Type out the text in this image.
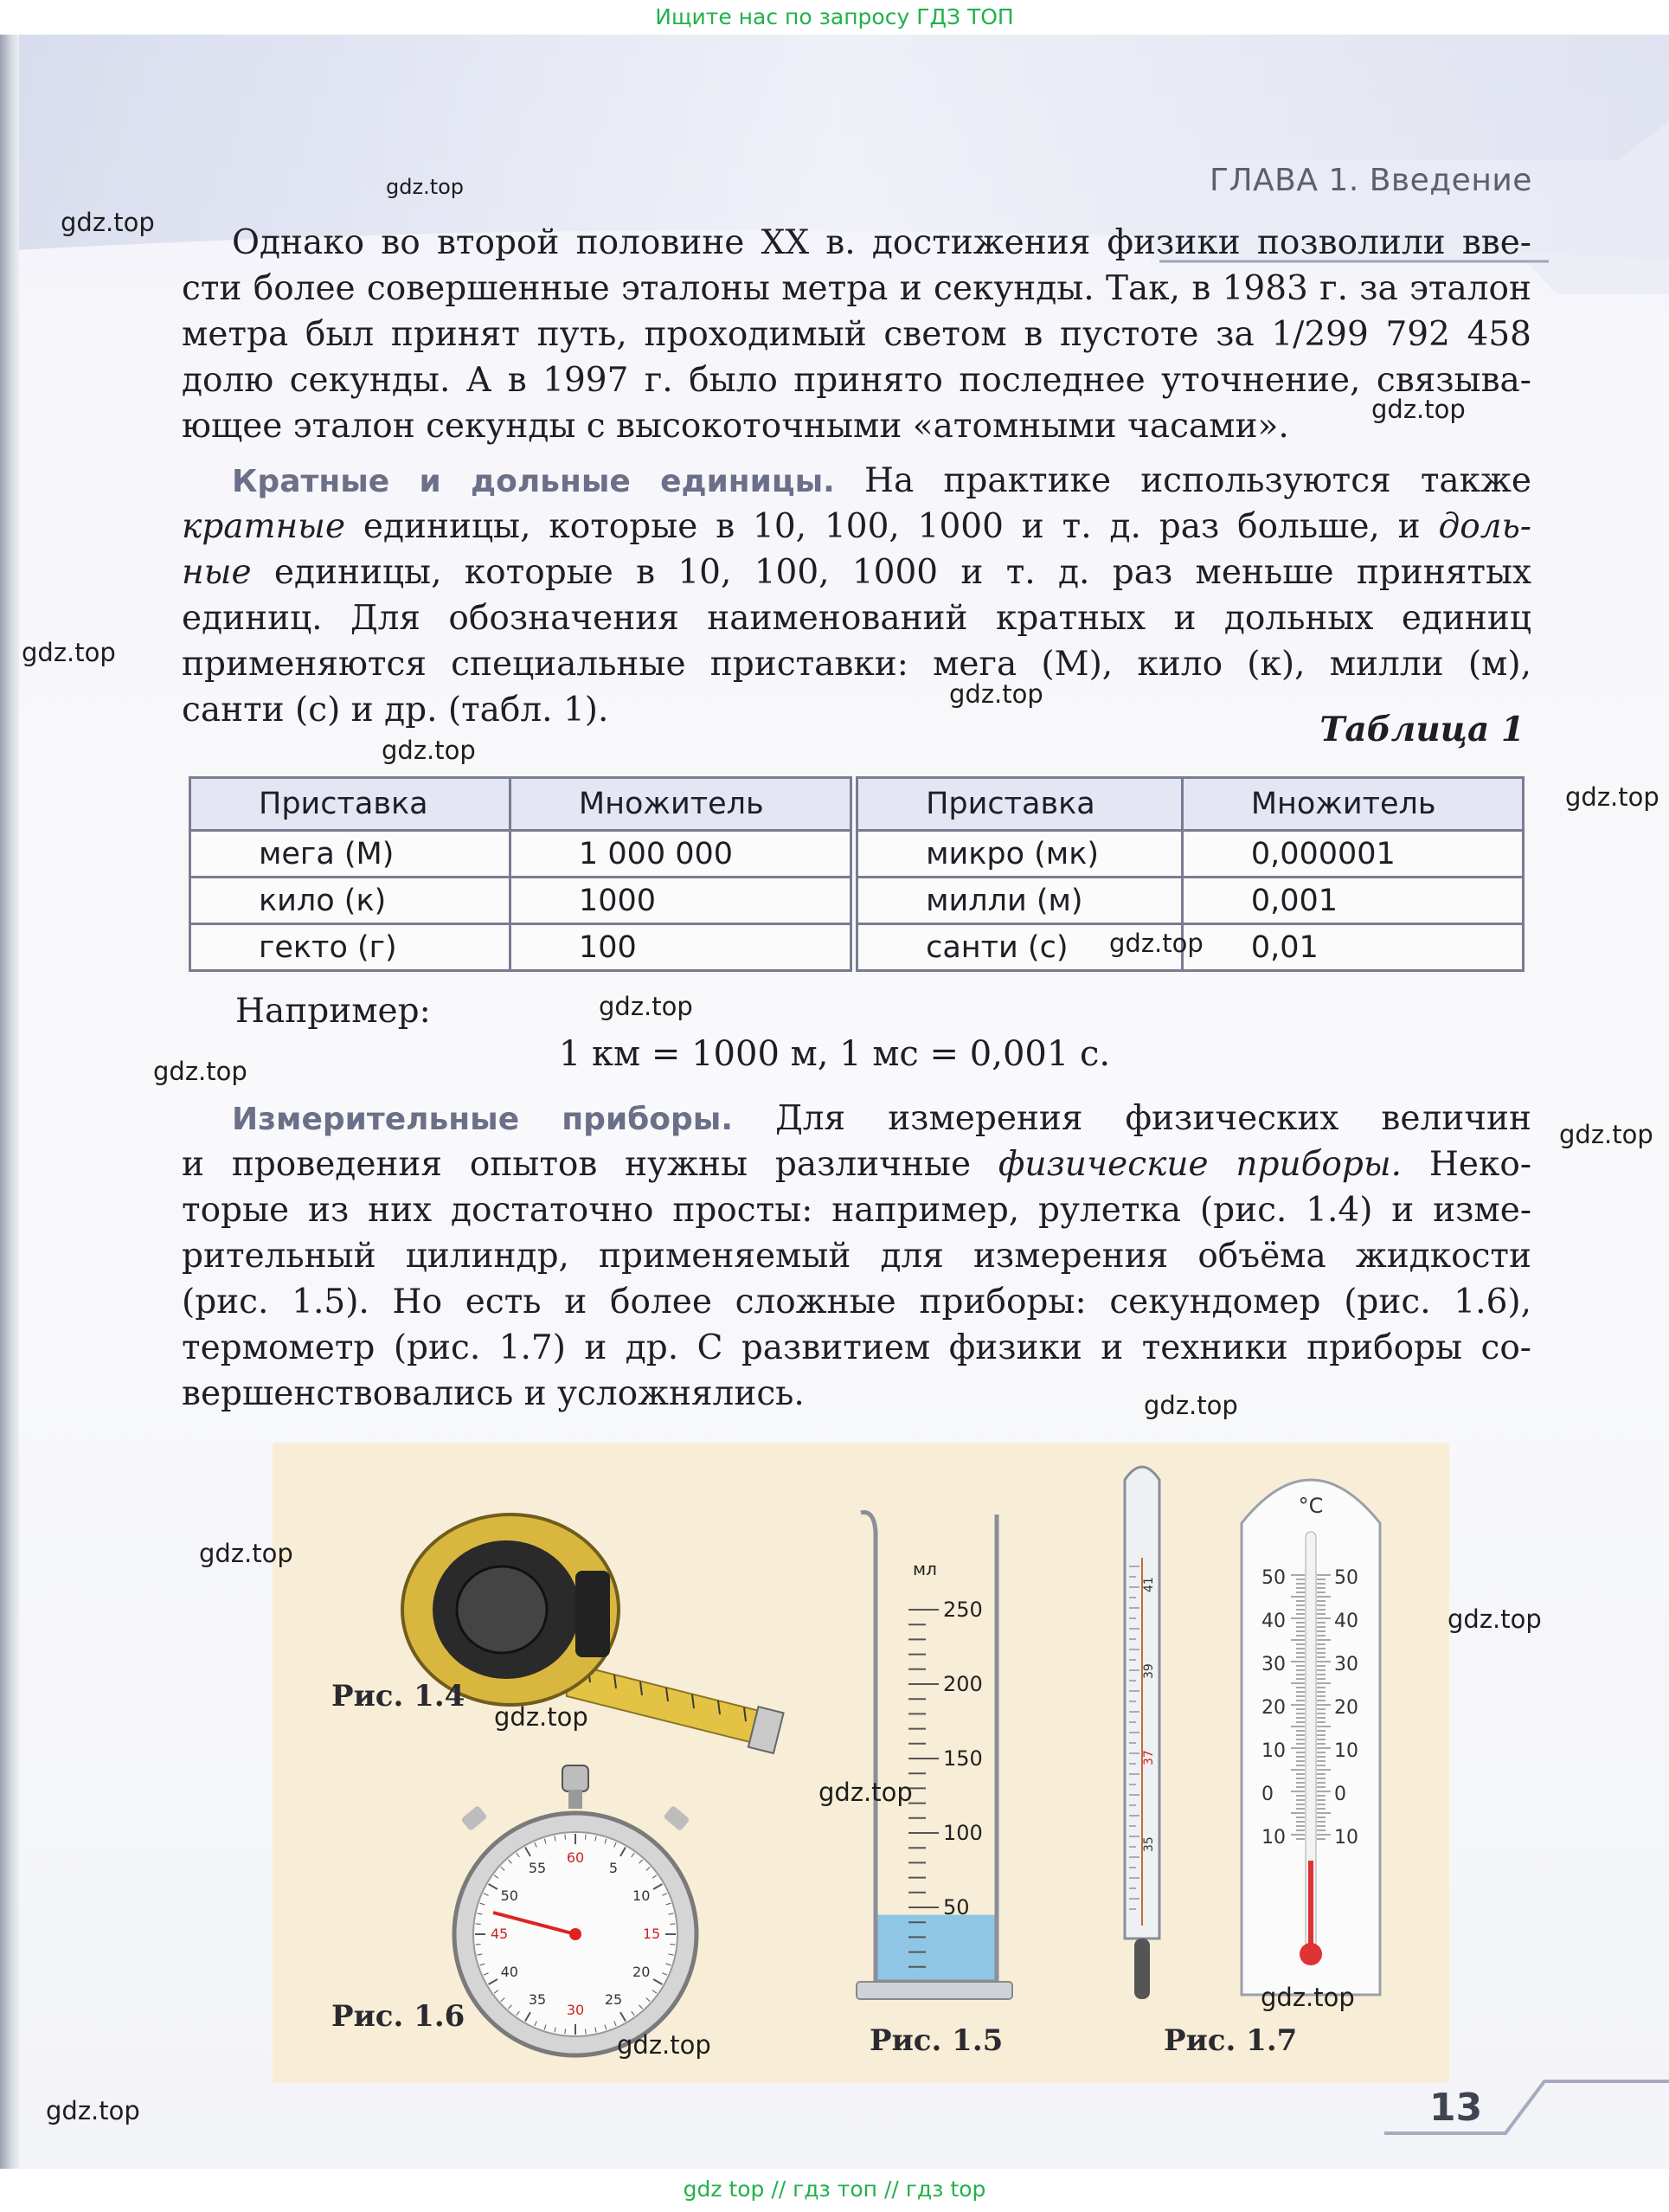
Ищите нас по запросу ГДЗ ТОП
ГЛАВА 1. Введение
Однако во второй половине XX в. достижения физики позволили вве-
сти более совершенные эталоны метра и секунды. Так, в 1983 г. за эталон
метра был принят путь, проходимый светом в пустоте за 1/299 792 458
долю секунды. А в 1997 г. было принято последнее уточнение, связыва-
ющее эталон секунды с высокоточными «атомными часами».
Кратные и дольные единицы. На практике используются также
кратные единицы, которые в 10, 100, 1000 и т. д. раз больше, и доль-
ные единицы, которые в 10, 100, 1000 и т. д. раз меньше принятых
единиц. Для обозначения наименований кратных и дольных единиц
применяются специальные приставки: мега (М), кило (к), милли (м),
санти (с) и др. (табл. 1).	Таблица 1
Приставка	Множитель		Приставка	Множитель
мега (М)	1 000 000		микро (мк)	0,000001
кило (к)	1000		милли (м)	0,001
гекто (г)	100		санти (с)	0,01
Например:
1 км = 1000 м, 1 мс = 0,001 с.
Измерительные приборы. Для измерения физических величин
и проведения опытов нужны различные физические приборы. Неко-
торые из них достаточно просты: например, рулетка (рис. 1.4) и изме-
рительный цилиндр, применяемый для измерения объёма жидкости
(рис. 1.5). Но есть и более сложные приборы: секундомер (рис. 1.6),
термометр (рис. 1.7) и др. С развитием физики и техники приборы со-
вершенствовались и усложнялись.
Рис. 1.4
60
5
10
15
20
25
30
35
40
45
50
55
Рис. 1.6
мл
250
200
150
100
50
Рис. 1.5
41
39
37
35
°C
50	50
40	40
30	30
20	20
10	10
0	0
10	10
Рис. 1.7
13
gdz.top
gdz.top
gdz.top
gdz.top
gdz.top
gdz.top
gdz.top
gdz.top
gdz.top
gdz.top
gdz.top
gdz.top
gdz.top
gdz.top
gdz.top
gdz.top
gdz.top
gdz.top
gdz.top
gdz top // гдз топ // гдз top
